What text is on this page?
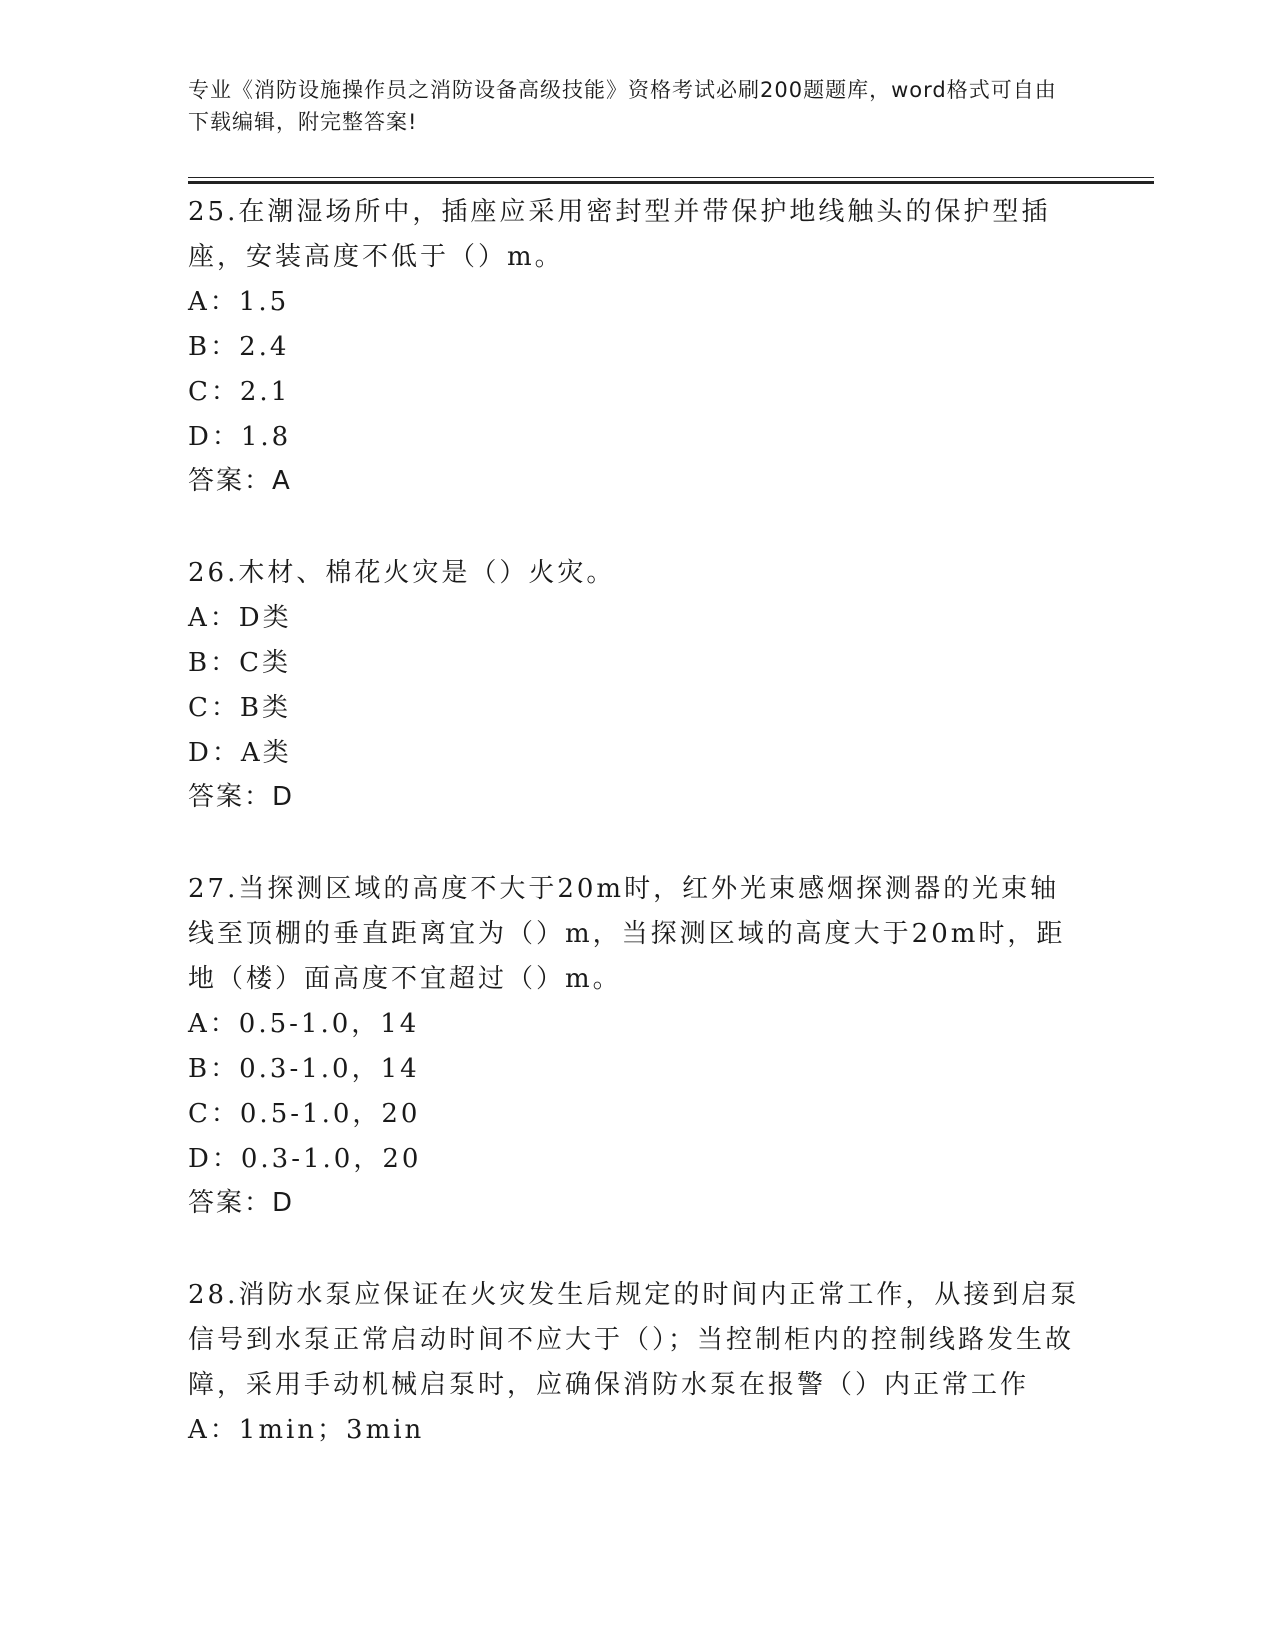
专业《消防设施操作员之消防设备高级技能》资格考试必刷200题题库，word格式可自由下载编辑，附完整答案!

25.在潮湿场所中，插座应采用密封型并带保护地线触头的保护型插座，安装高度不低于（）m。

A：1.5

B：2.4

C：2.1

D：1.8

答案：A

26.木材、棉花火灾是（）火灾。

A：D类

B：C类

C：B类

D：A类

答案：D

27.当探测区域的高度不大于20m时，红外光束感烟探测器的光束轴线至顶棚的垂直距离宜为（）m，当探测区域的高度大于20m时，距地（楼）面高度不宜超过（）m。

A：0.5-1.0，14

B：0.3-1.0，14

C：0.5-1.0，20

D：0.3-1.0，20

答案：D

28.消防水泵应保证在火灾发生后规定的时间内正常工作，从接到启泵信号到水泵正常启动时间不应大于（）；当控制柜内的控制线路发生故障，采用手动机械启泵时，应确保消防水泵在报警（）内正常工作

A：1min；3min
